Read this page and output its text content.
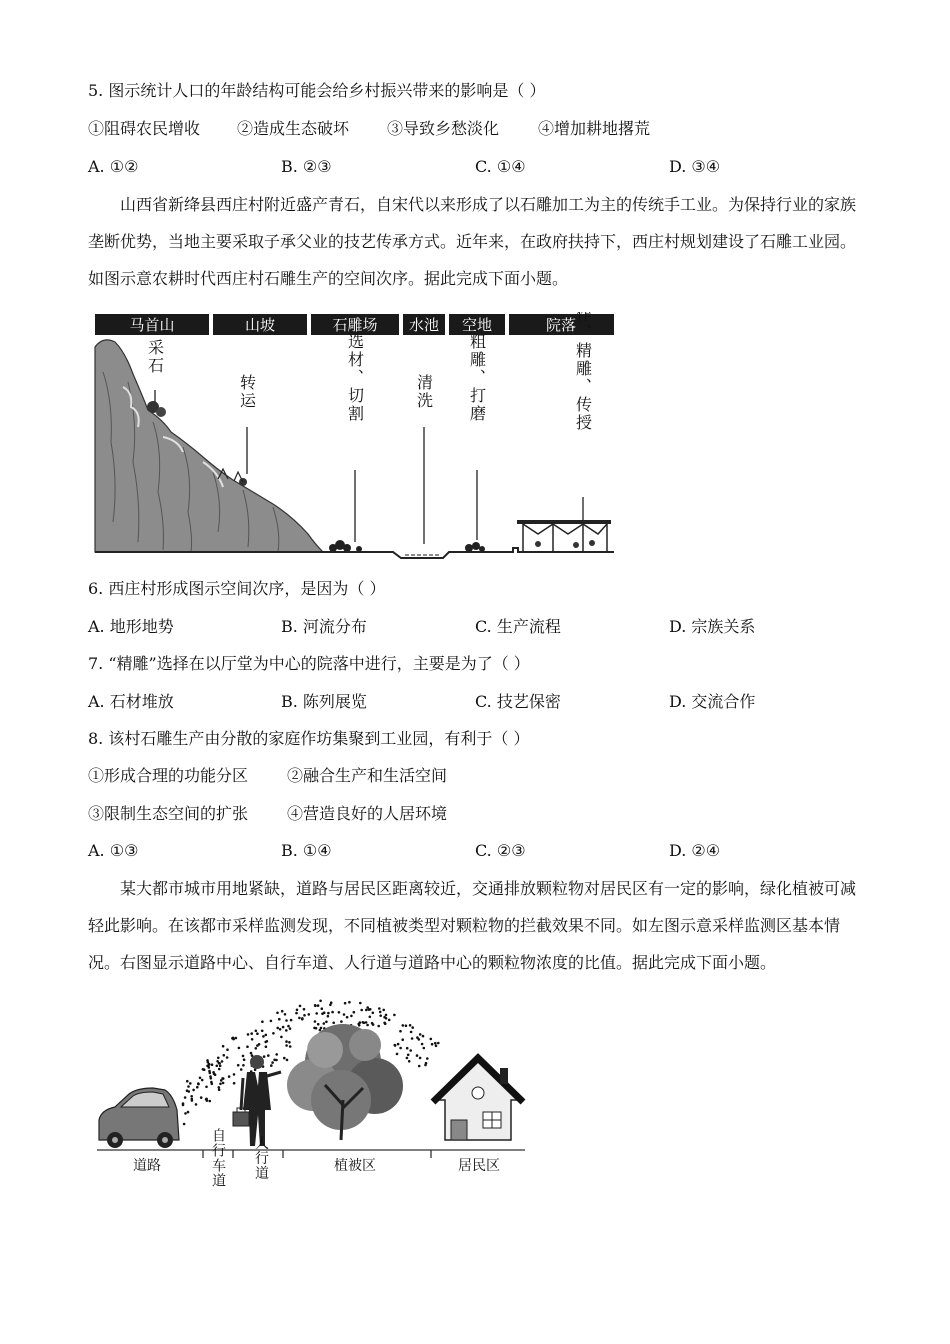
5. 图示统计人口的年龄结构可能会给乡村振兴带来的影响是（ ）
①阻碍农民增收 ②造成生态破坏 ③导致乡愁淡化 ④增加耕地撂荒
A. ①②	B. ②③	C. ①④	D. ③④
山西省新绛县西庄村附近盛产青石，自宋代以来形成了以石雕加工为主的传统手工业。为保持行业的家族垄断优势，当地主要采取子承父业的技艺传承方式。近年来，在政府扶持下，西庄村规划建设了石雕工业园。如图示意农耕时代西庄村石雕生产的空间次序。据此完成下面小题。
马首山	山坡	石雕场 水池 空地	院落
采石
转运	选材、切割	清洗 粗雕、打磨	创作、精雕、传授
6. 西庄村形成图示空间次序，是因为（ ）
A. 地形地势	B. 河流分布	C. 生产流程	D. 宗族关系
7. “精雕”选择在以厅堂为中心的院落中进行，主要是为了（ ）
A. 石材堆放	B. 陈列展览	C. 技艺保密	D. 交流合作
8. 该村石雕生产由分散的家庭作坊集聚到工业园，有利于（ ）
①形成合理的功能分区 ②融合生产和生活空间
③限制生态空间的扩张 ④营造良好的人居环境
A. ①③	B. ①④	C. ②③	D. ②④
某大都市城市用地紧缺，道路与居民区距离较近，交通排放颗粒物对居民区有一定的影响，绿化植被可减轻此影响。在该都市采样监测发现，不同植被类型对颗粒物的拦截效果不同。如左图示意采样监测区基本情况。右图显示道路中心、自行车道、人行道与道路中心的颗粒物浓度的比值。据此完成下面小题。
道路	自行车道 人行道	植被区	居民区
